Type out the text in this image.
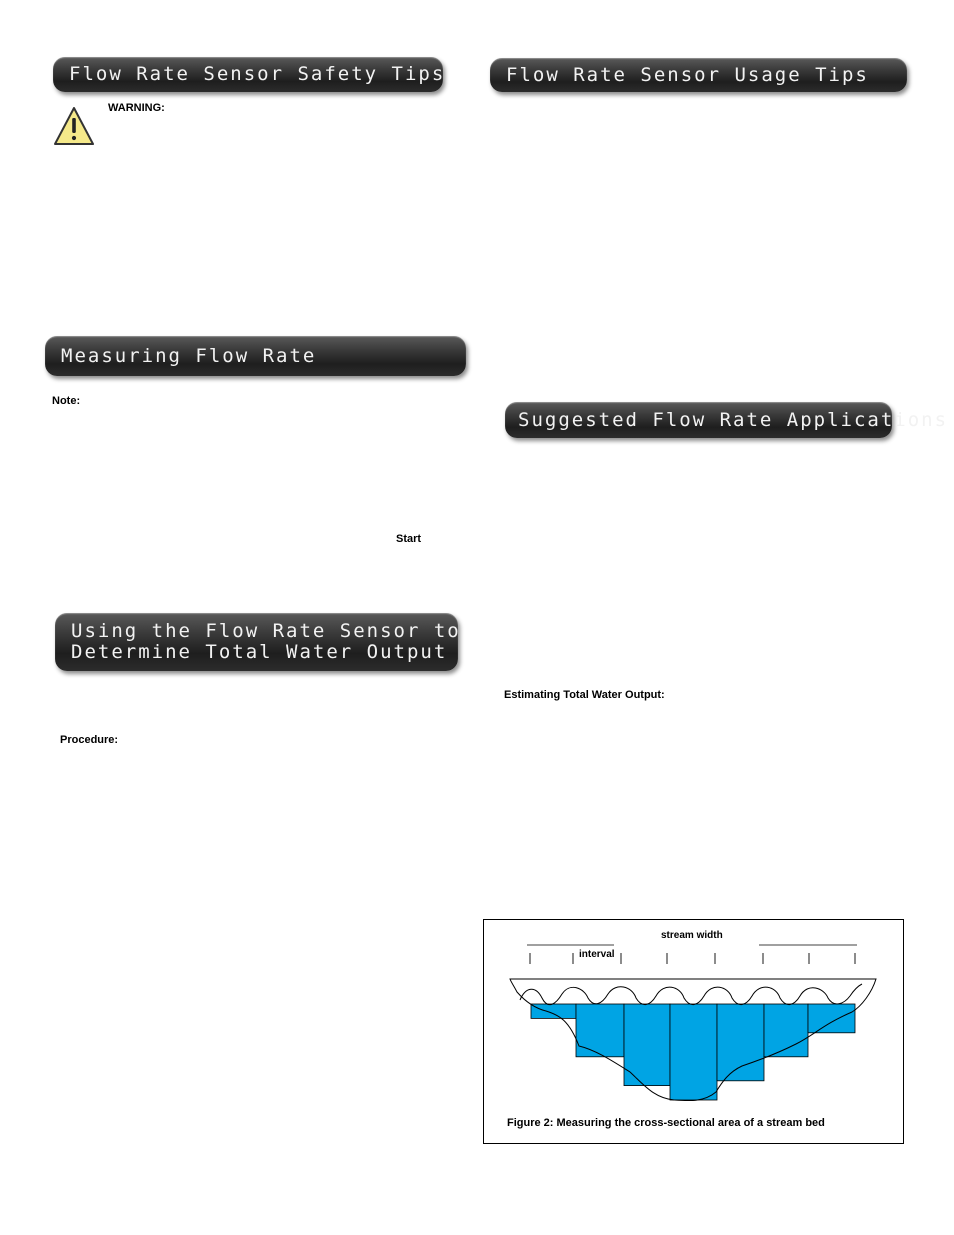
Flow Rate Sensor Safety Tips
WARNING:
Measuring Flow Rate
Note:
Start
Using the Flow Rate Sensor to
Determine Total Water Output
Procedure:
Flow Rate Sensor Usage Tips
Suggested Flow Rate Applications
Estimating Total Water Output:
stream width
interval
Figure 2: Measuring the cross-sectional area of a stream bed
